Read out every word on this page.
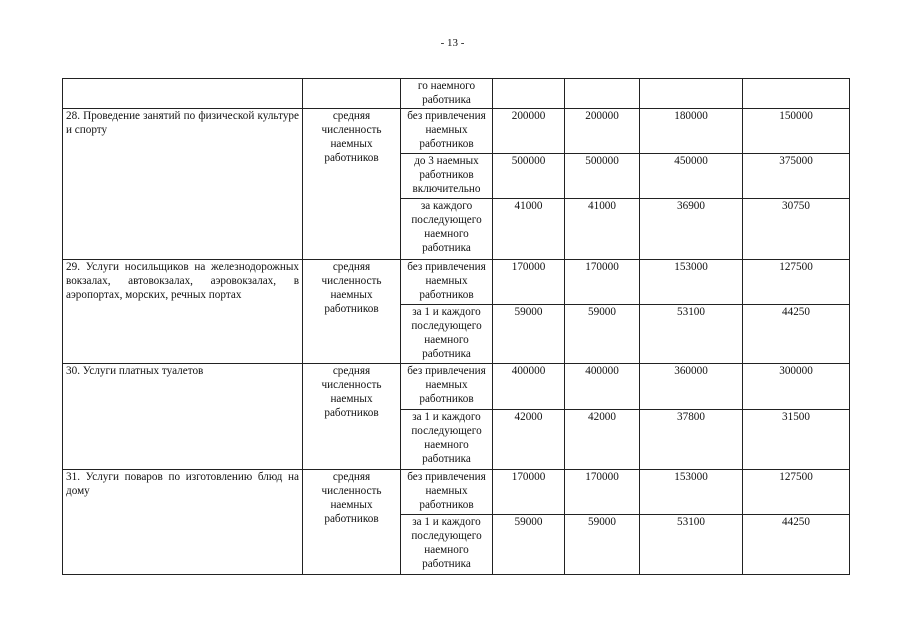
- 13 -
		го наемного работника				
28. Проведение занятий по физической культуре и спорту	средняя численность наемных работников	без привлечения наемных работников	200000	200000	180000	150000
		до 3 наемных работников включительно	500000	500000	450000	375000
		за каждого последующего наемного работника	41000	41000	36900	30750
29. Услуги носильщиков на железнодорожных вокзалах, автовокзалах, аэровокзалах, в аэропортах, морских, речных портах	средняя численность наемных работников	без привлечения наемных работников	170000	170000	153000	127500
		за 1 и каждого последующего наемного работника	59000	59000	53100	44250
30. Услуги платных туалетов	средняя численность наемных работников	без привлечения наемных работников	400000	400000	360000	300000
		за 1 и каждого последующего наемного работника	42000	42000	37800	31500
31. Услуги поваров по изготовлению блюд на дому	средняя численность наемных работников	без привлечения наемных работников	170000	170000	153000	127500
		за 1 и каждого последующего наемного работника	59000	59000	53100	44250
